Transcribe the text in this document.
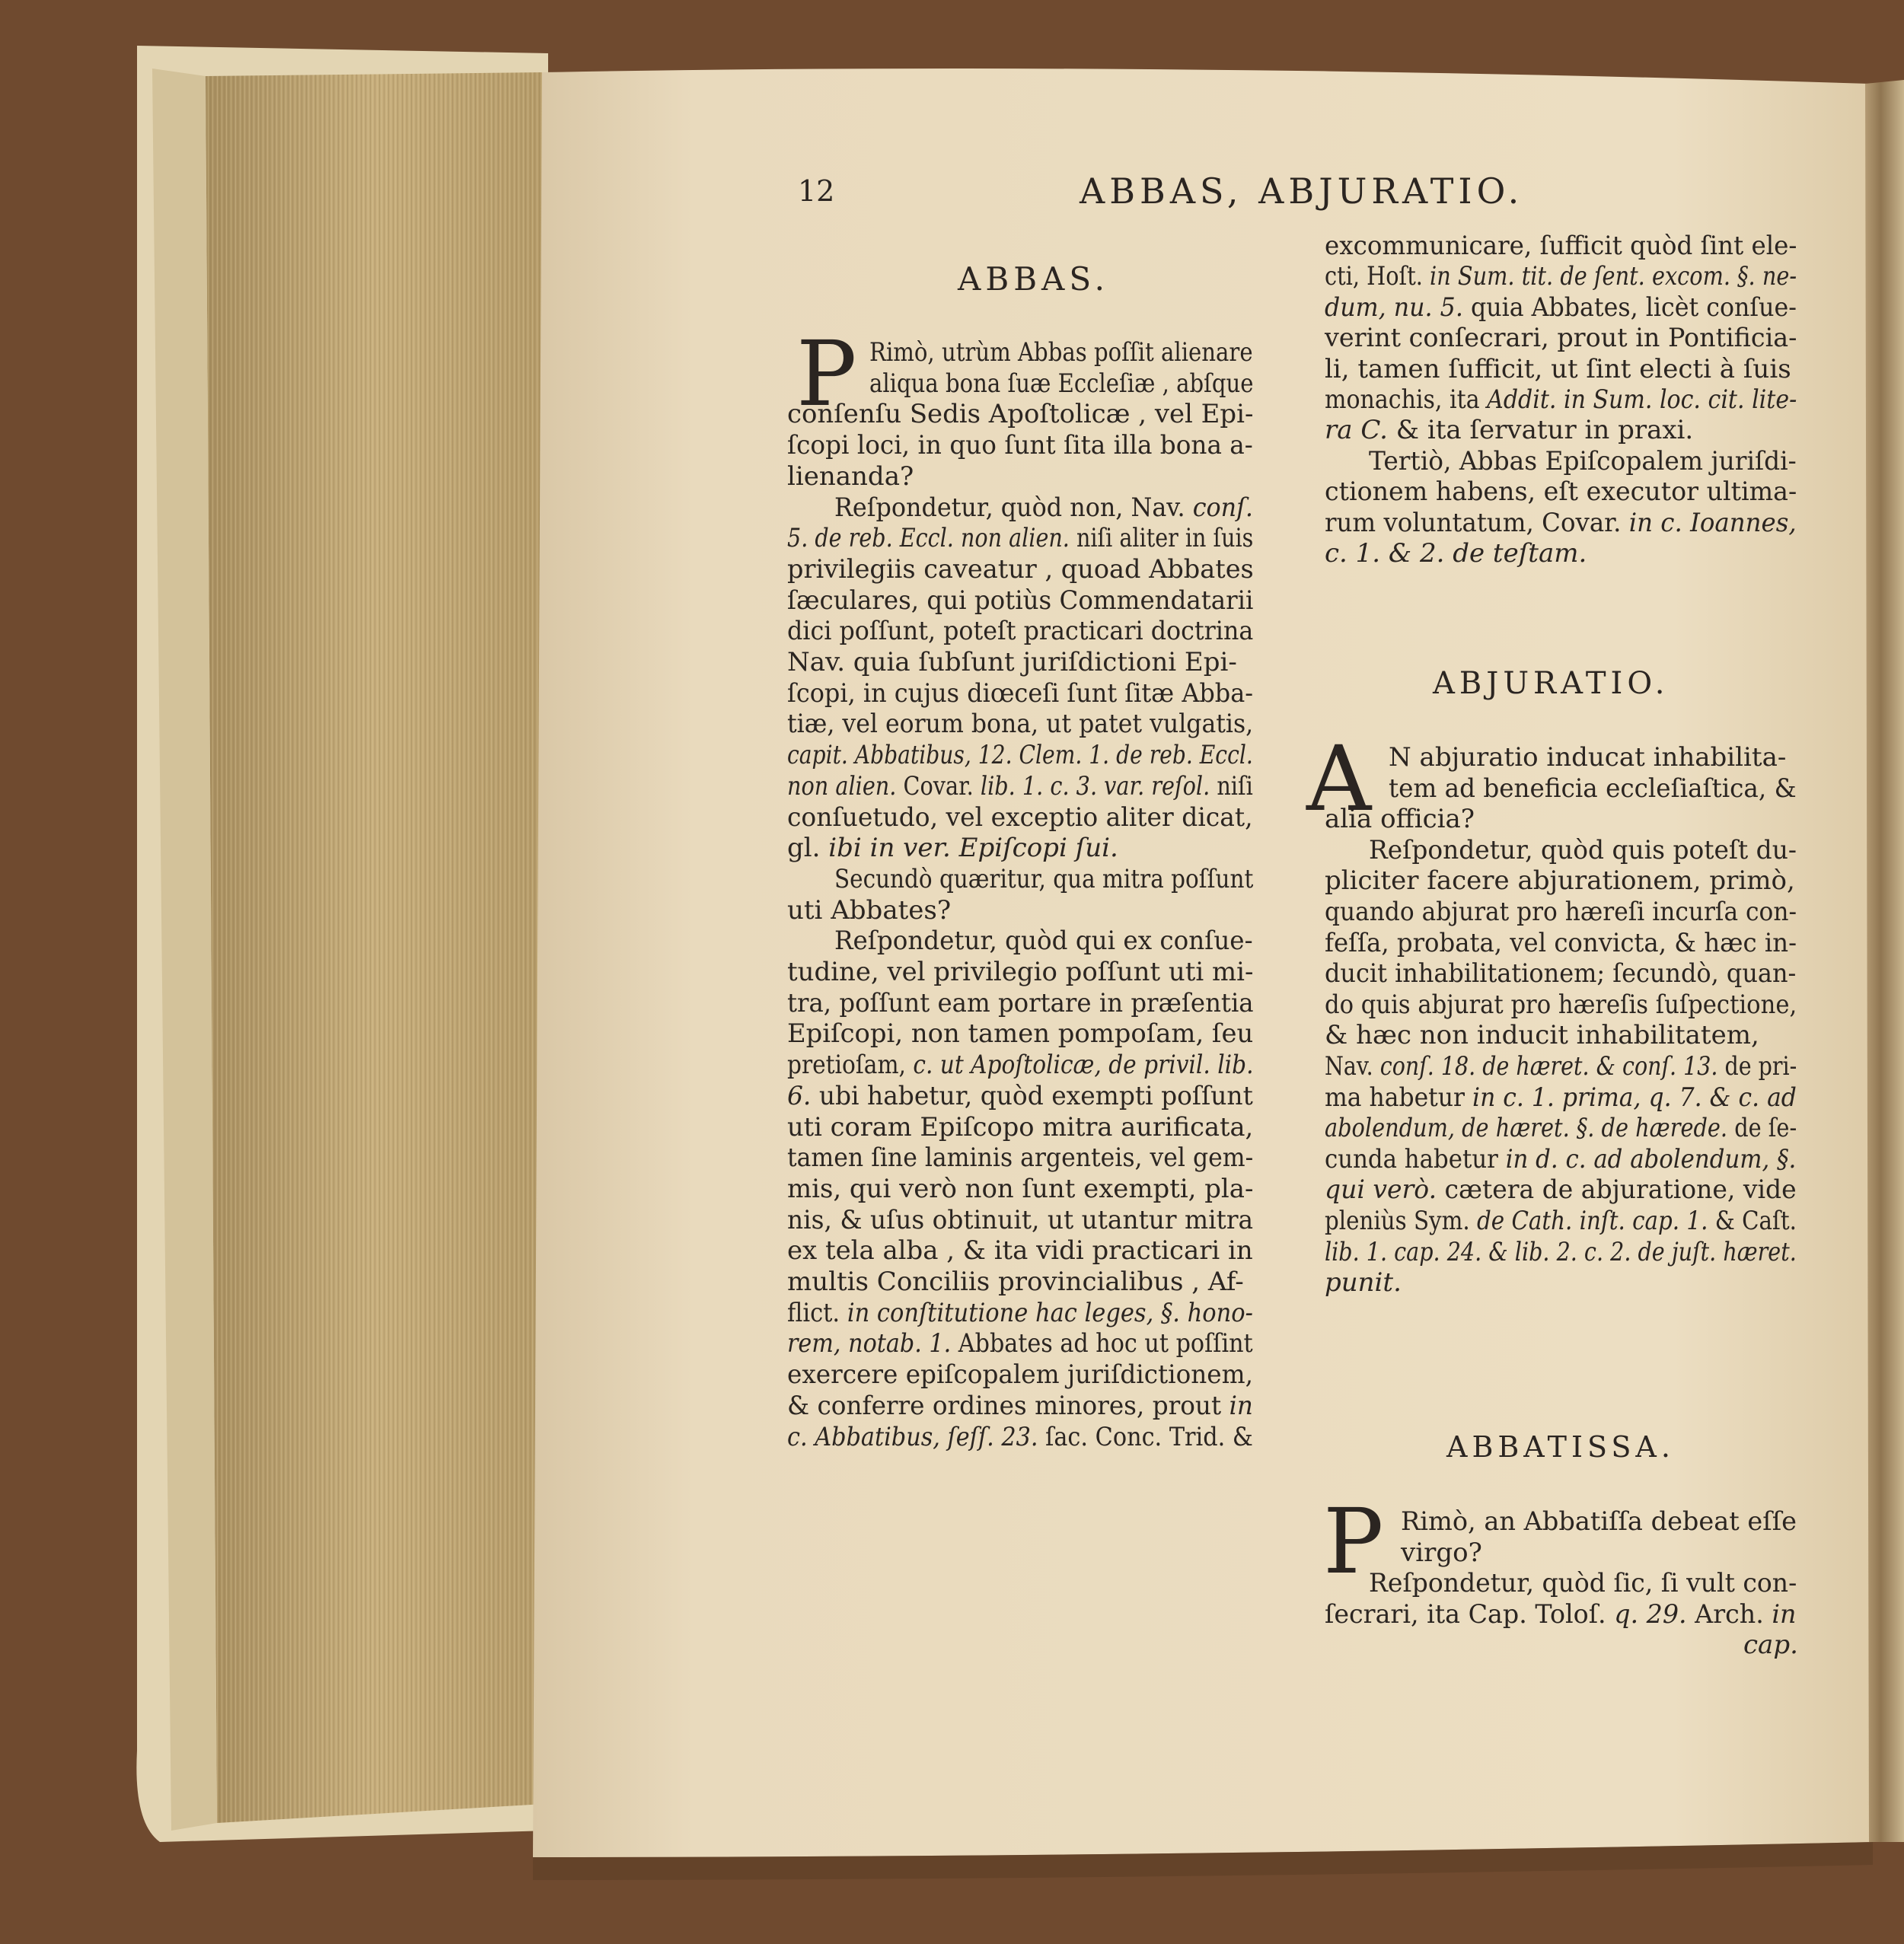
12	ABBAS, ABJURATIO.

ABBAS.

P Rimò, utrùm Abbas poſſit alienare

aliqua bona ſuæ Eccleſiæ , abſque

conſenſu Sedis Apoſtolicæ , vel Epi-

ſcopi loci, in quo ſunt ſita illa bona a-

lienanda?

Reſpondetur, quòd non, Nav. conſ.

5. de reb. Eccl. non alien. niſi aliter in ſuis

privilegiis caveatur , quoad Abbates

ſæculares, qui potiùs Commendatarii

dici poſſunt, poteſt practicari doctrina

Nav. quia ſubſunt juriſdictioni Epi-

ſcopi, in cujus diœceſi ſunt ſitæ Abba-

tiæ, vel eorum bona, ut patet vulgatis,

capit. Abbatibus, 12. Clem. 1. de reb. Eccl.

non alien. Covar. lib. 1. c. 3. var. reſol. niſi

conſuetudo, vel exceptio aliter dicat,

gl. ibi in ver. Epiſcopi ſui.

Secundò quæritur, qua mitra poſſunt

uti Abbates?

Reſpondetur, quòd qui ex conſue-

tudine, vel privilegio poſſunt uti mi-

tra, poſſunt eam portare in præſentia

Epiſcopi, non tamen pompoſam, ſeu

pretioſam, c. ut Apoſtolicæ, de privil. lib.

6. ubi habetur, quòd exempti poſſunt

uti coram Epiſcopo mitra aurificata,

tamen ſine laminis argenteis, vel gem-

mis, qui verò non ſunt exempti, pla-

nis, & uſus obtinuit, ut utantur mitra

ex tela alba , & ita vidi practicari in

multis Conciliis provincialibus , Af-

flict. in conſtitutione hac leges, §. hono-

rem, notab. 1. Abbates ad hoc ut poſſint

exercere epiſcopalem juriſdictionem,

& conferre ordines minores, prout in

c. Abbatibus, ſeſſ. 23. ſac. Conc. Trid. &

excommunicare, ſufficit quòd ſint ele-

cti, Hoſt. in Sum. tit. de ſent. excom. §. ne-

dum, nu. 5. quia Abbates, licèt conſue-

verint conſecrari, prout in Pontificia-

li, tamen ſufficit, ut ſint electi à ſuis

monachis, ita Addit. in Sum. loc. cit. lite-

ra C. & ita ſervatur in praxi.

Tertiò, Abbas Epiſcopalem juriſdi-

ctionem habens, eſt executor ultima-

rum voluntatum, Covar. in c. Ioannes,

c. 1. & 2. de teſtam.

ABJURATIO.

A N abjuratio inducat inhabilita-

tem ad beneficia eccleſiaſtica, &

alia officia?

Reſpondetur, quòd quis poteſt du-

pliciter facere abjurationem, primò,

quando abjurat pro hæreſi incurſa con-

feſſa, probata, vel convicta, & hæc in-

ducit inhabilitationem; ſecundò, quan-

do quis abjurat pro hæreſis ſuſpectione,

& hæc non inducit inhabilitatem,

Nav. conſ. 18. de hæret. & conſ. 13. de pri-

ma habetur in c. 1. prima, q. 7. & c. ad

abolendum, de hæret. §. de hærede. de ſe-

cunda habetur in d. c. ad abolendum, §.

qui verò. cætera de abjuratione, vide

pleniùs Sym. de Cath. inſt. cap. 1. & Caſt.

lib. 1. cap. 24. & lib. 2. c. 2. de juſt. hæret.

punit.

ABBATISSA.

P Rimò, an Abbatiſſa debeat eſſe

virgo?

Reſpondetur, quòd ſic, ſi vult con-

ſecrari, ita Cap. Toloſ. q. 29. Arch. in

cap.
